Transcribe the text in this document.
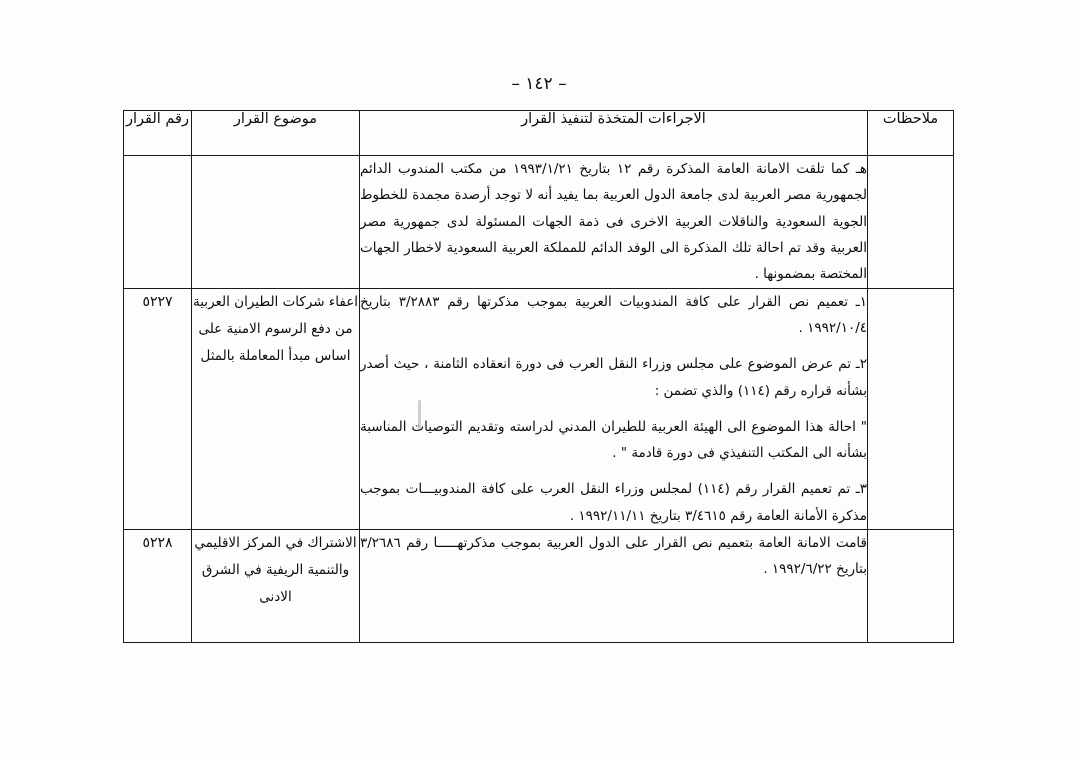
– ١٤٢ –
ملاحظات	الاجراءات المتخذة لتنفيذ القرار	موضوع القرار	رقم القرار

	هـ كما تلقت الامانة العامة المذكرة رقم ١٢ بتاريخ ١٩٩٣/١/٢١ من مكتب المندوب الدائم لجمهورية مصر العربية لدى جامعة الدول العربية بما يفيد أنه لا توجد أرصدة مجمدة للخطوط الجوية السعودية والناقلات العربية الاخرى فى ذمة الجهات المسئولة لدى جمهورية مصر العربية وقد تم احالة تلك المذكرة الى الوفد الدائم للمملكة العربية السعودية لاخطار الجهات المختصة بمضمونها .		

	١ـ تعميم نص القرار على كافة المندوبيات العربية بموجب مذكرتها رقم ٣/٢٨٨٣ بتاريخ ١٩٩٢/١٠/٤ .

٢ـ تم عرض الموضوع على مجلس وزراء النقل العرب فى دورة انعقاده الثامنة ، حيث أصدر بشأنه قراره رقم (١١٤) والذي تضمن :

" احالة هذا الموضوع الى الهيئة العربية للطيران المدني لدراسته وتقديم التوصيات المناسبة بشأنه الى المكتب التنفيذي فى دورة قادمة " .

٣ـ تم تعميم القرار رقم (١١٤) لمجلس وزراء النقل العرب على كافة المندوبيـــات بموجب مذكرة الأمانة العامة رقم ٣/٤٦١٥ بتاريخ ١٩٩٢/١١/١١ .	اعفاء شركات الطيران العربية من دفع الرسوم الامنية على اساس مبدأ المعاملة بالمثل	٥٢٢٧

	قامت الامانة العامة بتعميم نص القرار على الدول العربية بموجب مذكرتهـــــا رقم ٣/٢٦٨٦ بتاريخ ١٩٩٢/٦/٢٢ .	الاشتراك في المركز الاقليمي والتنمية الريفية في الشرق الادنى	٥٢٢٨
